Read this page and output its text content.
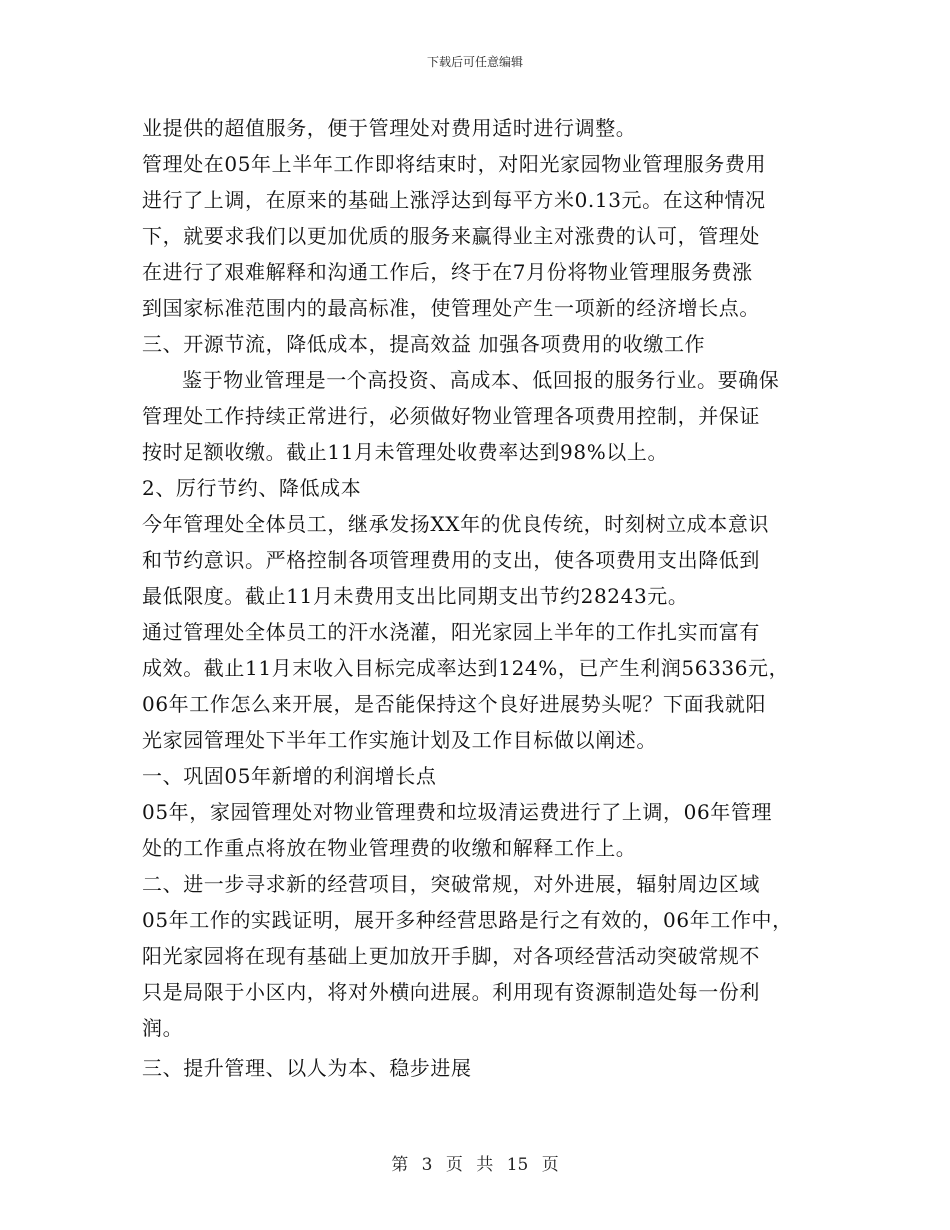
下载后可任意编辑
业提供的超值服务，便于管理处对费用适时进行调整。
管理处在05年上半年工作即将结束时，对阳光家园物业管理服务费用
进行了上调，在原来的基础上涨浮达到每平方米0.13元。在这种情况
下，就要求我们以更加优质的服务来赢得业主对涨费的认可，管理处
在进行了艰难解释和沟通工作后，终于在7月份将物业管理服务费涨
到国家标准范围内的最高标准，使管理处产生一项新的经济增长点。
三、开源节流，降低成本，提高效益 加强各项费用的收缴工作
鉴于物业管理是一个高投资、高成本、低回报的服务行业。要确保
管理处工作持续正常进行，必须做好物业管理各项费用控制，并保证
按时足额收缴。截止11月未管理处收费率达到98%以上。
2、厉行节约、降低成本
今年管理处全体员工，继承发扬XX年的优良传统，时刻树立成本意识
和节约意识。严格控制各项管理费用的支出，使各项费用支出降低到
最低限度。截止11月未费用支出比同期支出节约28243元。
通过管理处全体员工的汗水浇灌，阳光家园上半年的工作扎实而富有
成效。截止11月末收入目标完成率达到124%，已产生利润56336元，
06年工作怎么来开展，是否能保持这个良好进展势头呢？下面我就阳
光家园管理处下半年工作实施计划及工作目标做以阐述。
一、巩固05年新增的利润增长点
05年，家园管理处对物业管理费和垃圾清运费进行了上调，06年管理
处的工作重点将放在物业管理费的收缴和解释工作上。
二、进一步寻求新的经营项目，突破常规，对外进展，辐射周边区域
05年工作的实践证明，展开多种经营思路是行之有效的，06年工作中，
阳光家园将在现有基础上更加放开手脚，对各项经营活动突破常规不
只是局限于小区内，将对外横向进展。利用现有资源制造处每一份利
润。
三、提升管理、以人为本、稳步进展
第 3 页 共 15 页
